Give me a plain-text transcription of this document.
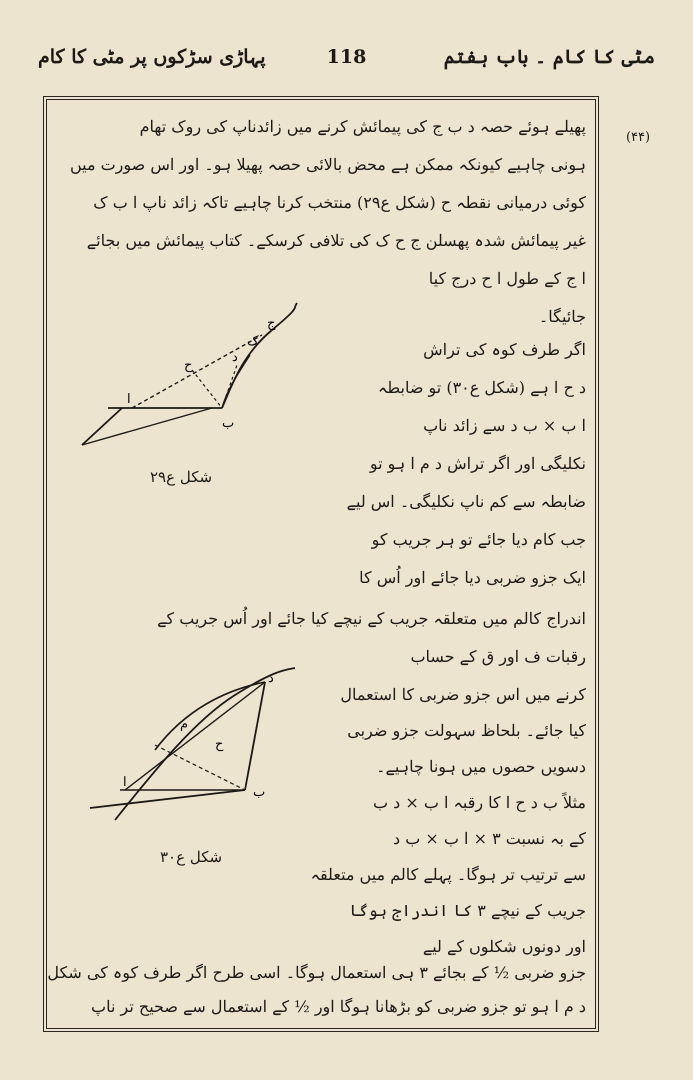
مٹی کا کام ۔ باب ہفتم
118
پہاڑی سڑکوں پر مٹی کا کام
(۴۴)
پھیلے ہوئے حصہ د ب ج کی پیمائش کرنے میں زائدناپ کی روک تھام
ہونی چاہیے کیونکہ ممکن ہے محض بالائی حصہ پھیلا ہو۔ اور اس صورت میں
کوئی درمیانی نقطہ ح (شکل ع۲۹) منتخب کرنا چاہیے تاکہ زائد ناپ ا ب ک
غیر پیمائش شدہ پھسلن ج ح ک کی تلافی کرسکے۔ کتاب پیمائش میں بجائے
ا ج کے طول ا ح درج کیا
جائیگا۔
اگر طرف کوہ کی تراش
د ح ا ہے (شکل ع۳۰) تو ضابطہ
ا ب × ب د سے زائد ناپ
نکلیگی اور اگر تراش د م ا ہو تو
ضابطہ سے کم ناپ نکلیگی۔ اس لیے
جب کام دیا جائے تو ہر جریب کو
ایک جزو ضربی دیا جائے اور اُس کا
اندراج کالم میں متعلقہ جریب کے نیچے کیا جائے اور اُس جریب کے
رقبات ف اور ق کے حساب
کرنے میں اس جزو ضربی کا استعمال
کیا جائے۔ بلحاظ سہولت جزو ضربی
دسویں حصوں میں ہونا چاہیے۔
مثلاً ب د ح ا کا رقبہ ا ب × د ب
کے بہ نسبت ۳ × ا ب × ب د
سے ترتیب تر ہوگا۔ پہلے کالم میں متعلقہ
جریب کے نیچے ۳ کا اندراج ہوگا
اور دونوں شکلوں کے لیے
جزو ضربی ½ کے بجائے ۳ ہی استعمال ہوگا۔ اسی طرح اگر طرف کوہ کی شکل
د م ا ہو تو جزو ضربی کو بڑھانا ہوگا اور ½ کے استعمال سے صحیح تر ناپ
ج
ک
د
ح
ا
ب
شکل ع۲۹
د
م
ح
ا
ب
شکل ع۳۰
